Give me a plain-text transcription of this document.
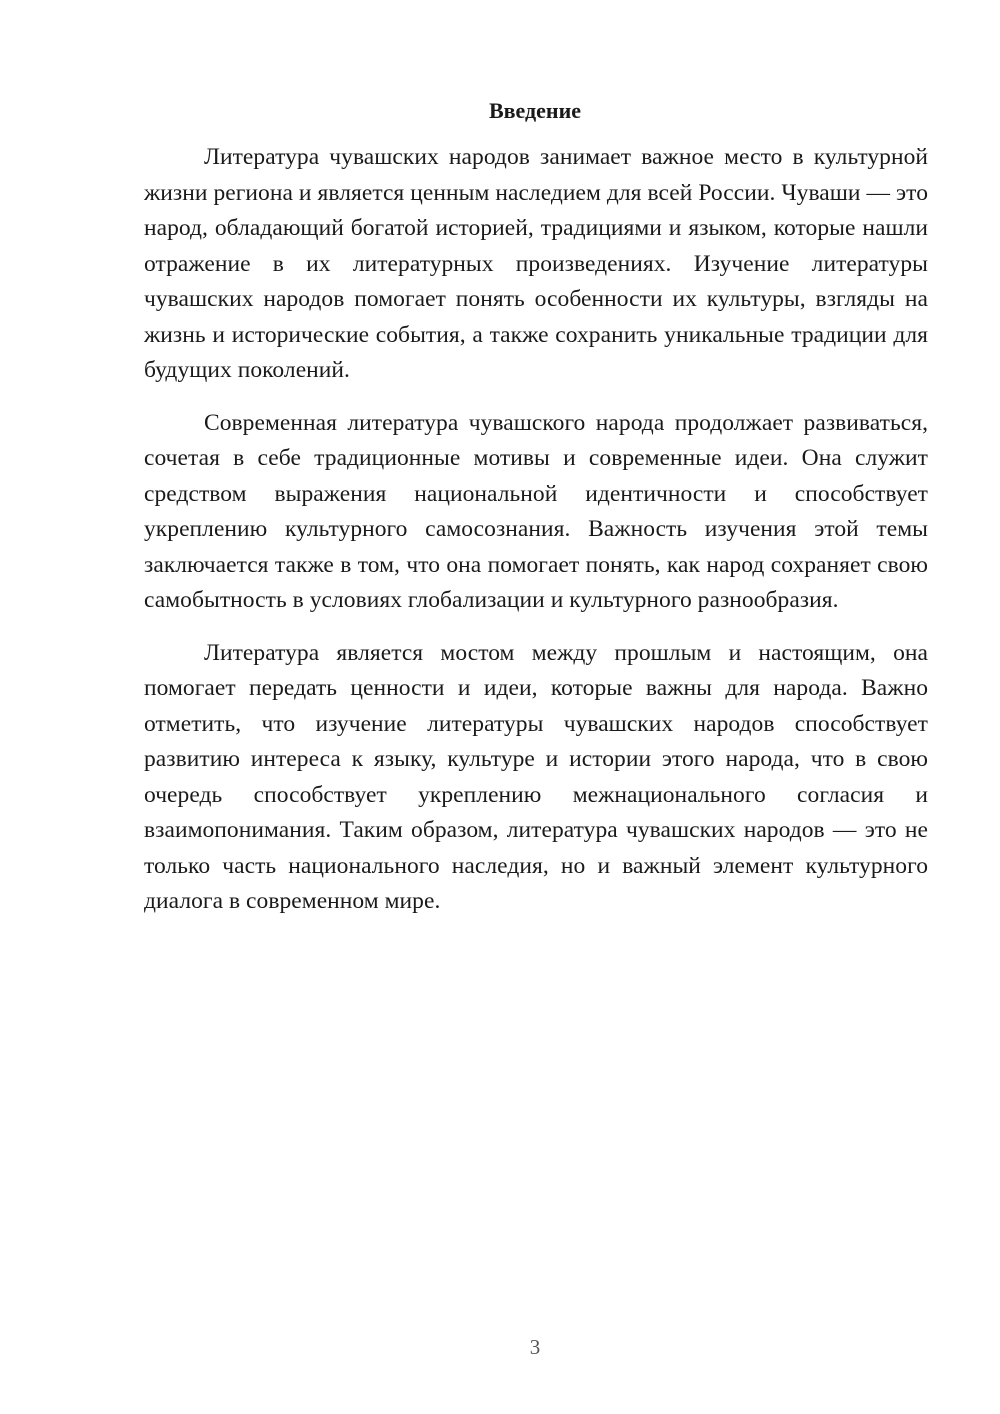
Введение

Литература чувашских народов занимает важное место в культурной жизни региона и является ценным наследием для всей России. Чуваши — это народ, обладающий богатой историей, традициями и языком, которые нашли отражение в их литературных произведениях. Изучение литературы чувашских народов помогает понять особенности их культуры, взгляды на жизнь и исторические события, а также сохранить уникальные традиции для будущих поколений.

Современная литература чувашского народа продолжает развиваться, сочетая в себе традиционные мотивы и современные идеи. Она служит средством выражения национальной идентичности и способствует укреплению культурного самосознания. Важность изучения этой темы заключается также в том, что она помогает понять, как народ сохраняет свою самобытность в условиях глобализации и культурного разнообразия.

Литература является мостом между прошлым и настоящим, она помогает передать ценности и идеи, которые важны для народа. Важно отметить, что изучение литературы чувашских народов способствует развитию интереса к языку, культуре и истории этого народа, что в свою очередь способствует укреплению межнационального согласия и взаимопонимания. Таким образом, литература чувашских народов — это не только часть национального наследия, но и важный элемент культурного диалога в современном мире.

3
